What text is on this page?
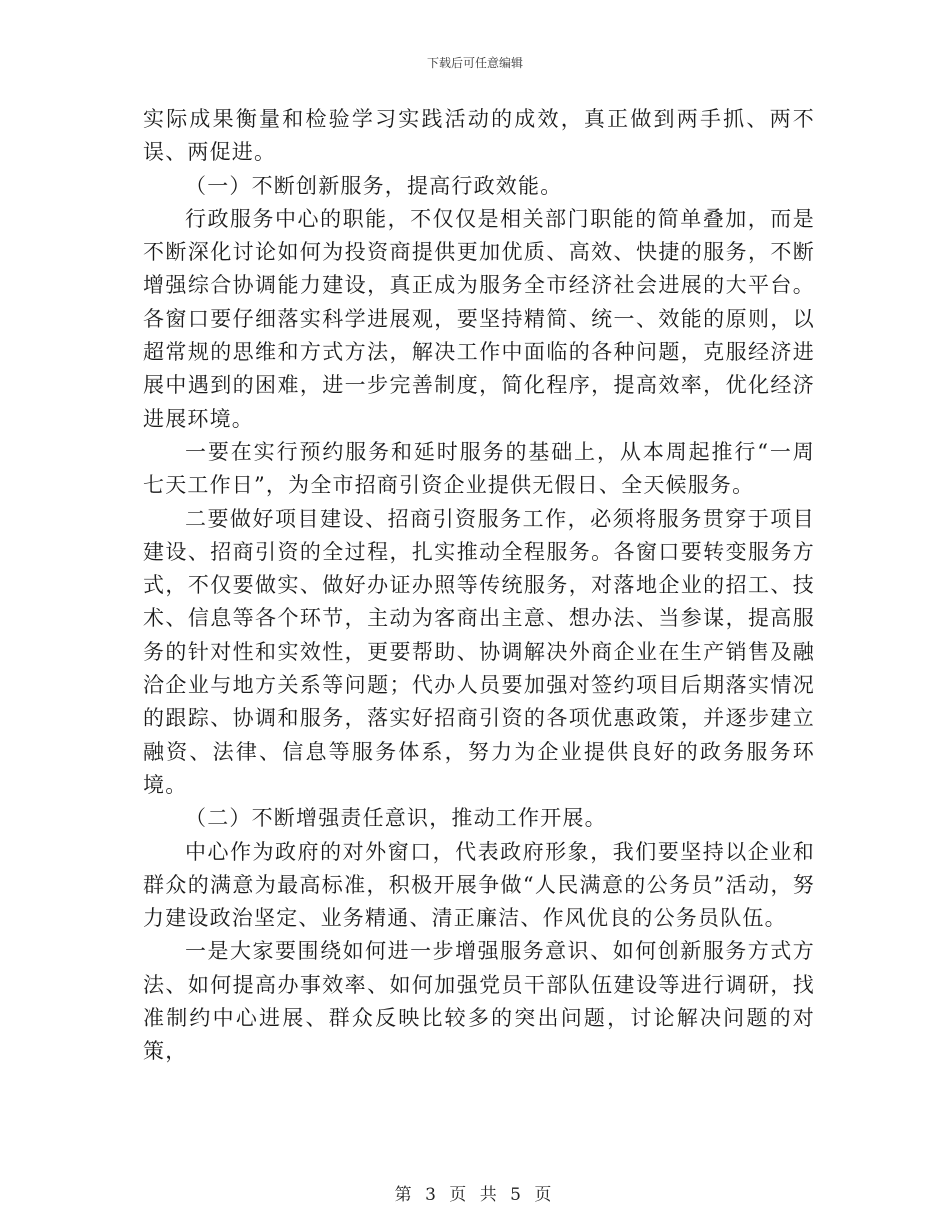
下载后可任意编辑

实际成果衡量和检验学习实践活动的成效，真正做到两手抓、两不误、两促进。

（一）不断创新服务，提高行政效能。

行政服务中心的职能，不仅仅是相关部门职能的简单叠加，而是不断深化讨论如何为投资商提供更加优质、高效、快捷的服务，不断增强综合协调能力建设，真正成为服务全市经济社会进展的大平台。各窗口要仔细落实科学进展观，要坚持精简、统一、效能的原则，以超常规的思维和方式方法，解决工作中面临的各种问题，克服经济进展中遇到的困难，进一步完善制度，简化程序，提高效率，优化经济进展环境。

一要在实行预约服务和延时服务的基础上，从本周起推行“一周七天工作日”，为全市招商引资企业提供无假日、全天候服务。

二要做好项目建设、招商引资服务工作，必须将服务贯穿于项目建设、招商引资的全过程，扎实推动全程服务。各窗口要转变服务方式，不仅要做实、做好办证办照等传统服务，对落地企业的招工、技术、信息等各个环节，主动为客商出主意、想办法、当参谋，提高服务的针对性和实效性，更要帮助、协调解决外商企业在生产销售及融洽企业与地方关系等问题；代办人员要加强对签约项目后期落实情况的跟踪、协调和服务，落实好招商引资的各项优惠政策，并逐步建立融资、法律、信息等服务体系，努力为企业提供良好的政务服务环境。

（二）不断增强责任意识，推动工作开展。

中心作为政府的对外窗口，代表政府形象，我们要坚持以企业和群众的满意为最高标准，积极开展争做“人民满意的公务员”活动，努力建设政治坚定、业务精通、清正廉洁、作风优良的公务员队伍。

一是大家要围绕如何进一步增强服务意识、如何创新服务方式方法、如何提高办事效率、如何加强党员干部队伍建设等进行调研，找准制约中心进展、群众反映比较多的突出问题，讨论解决问题的对策，

第 3 页 共 5 页
